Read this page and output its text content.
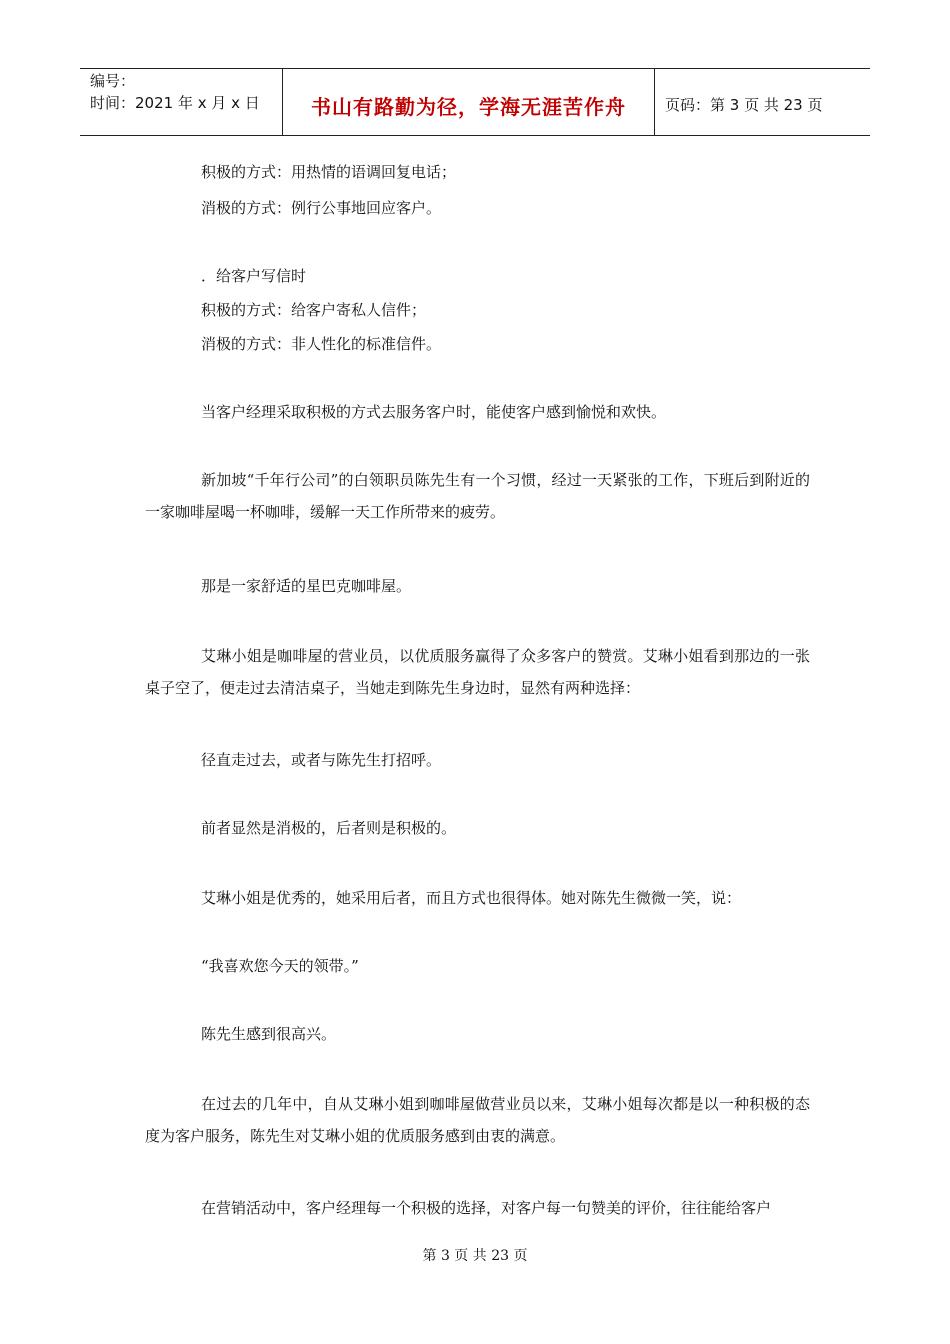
编号：
时间：2021 年 x 月 x 日	书山有路勤为径，学海无涯苦作舟	页码：第 3 页 共 23 页

积极的方式：用热情的语调回复电话；

消极的方式：例行公事地回应客户。

．给客户写信时

积极的方式：给客户寄私人信件；

消极的方式：非人性化的标准信件。

当客户经理采取积极的方式去服务客户时，能使客户感到愉悦和欢快。

新加坡“千年行公司”的白领职员陈先生有一个习惯，经过一天紧张的工作，下班后到附近的一家咖啡屋喝一杯咖啡，缓解一天工作所带来的疲劳。

那是一家舒适的星巴克咖啡屋。

艾琳小姐是咖啡屋的营业员，以优质服务赢得了众多客户的赞赏。艾琳小姐看到那边的一张桌子空了，便走过去清洁桌子，当她走到陈先生身边时，显然有两种选择：

径直走过去，或者与陈先生打招呼。

前者显然是消极的，后者则是积极的。

艾琳小姐是优秀的，她采用后者，而且方式也很得体。她对陈先生微微一笑，说：

“我喜欢您今天的领带。”

陈先生感到很高兴。

在过去的几年中，自从艾琳小姐到咖啡屋做营业员以来，艾琳小姐每次都是以一种积极的态度为客户服务，陈先生对艾琳小姐的优质服务感到由衷的满意。

在营销活动中，客户经理每一个积极的选择，对客户每一句赞美的评价，往往能给客户

第 3 页 共 23 页
